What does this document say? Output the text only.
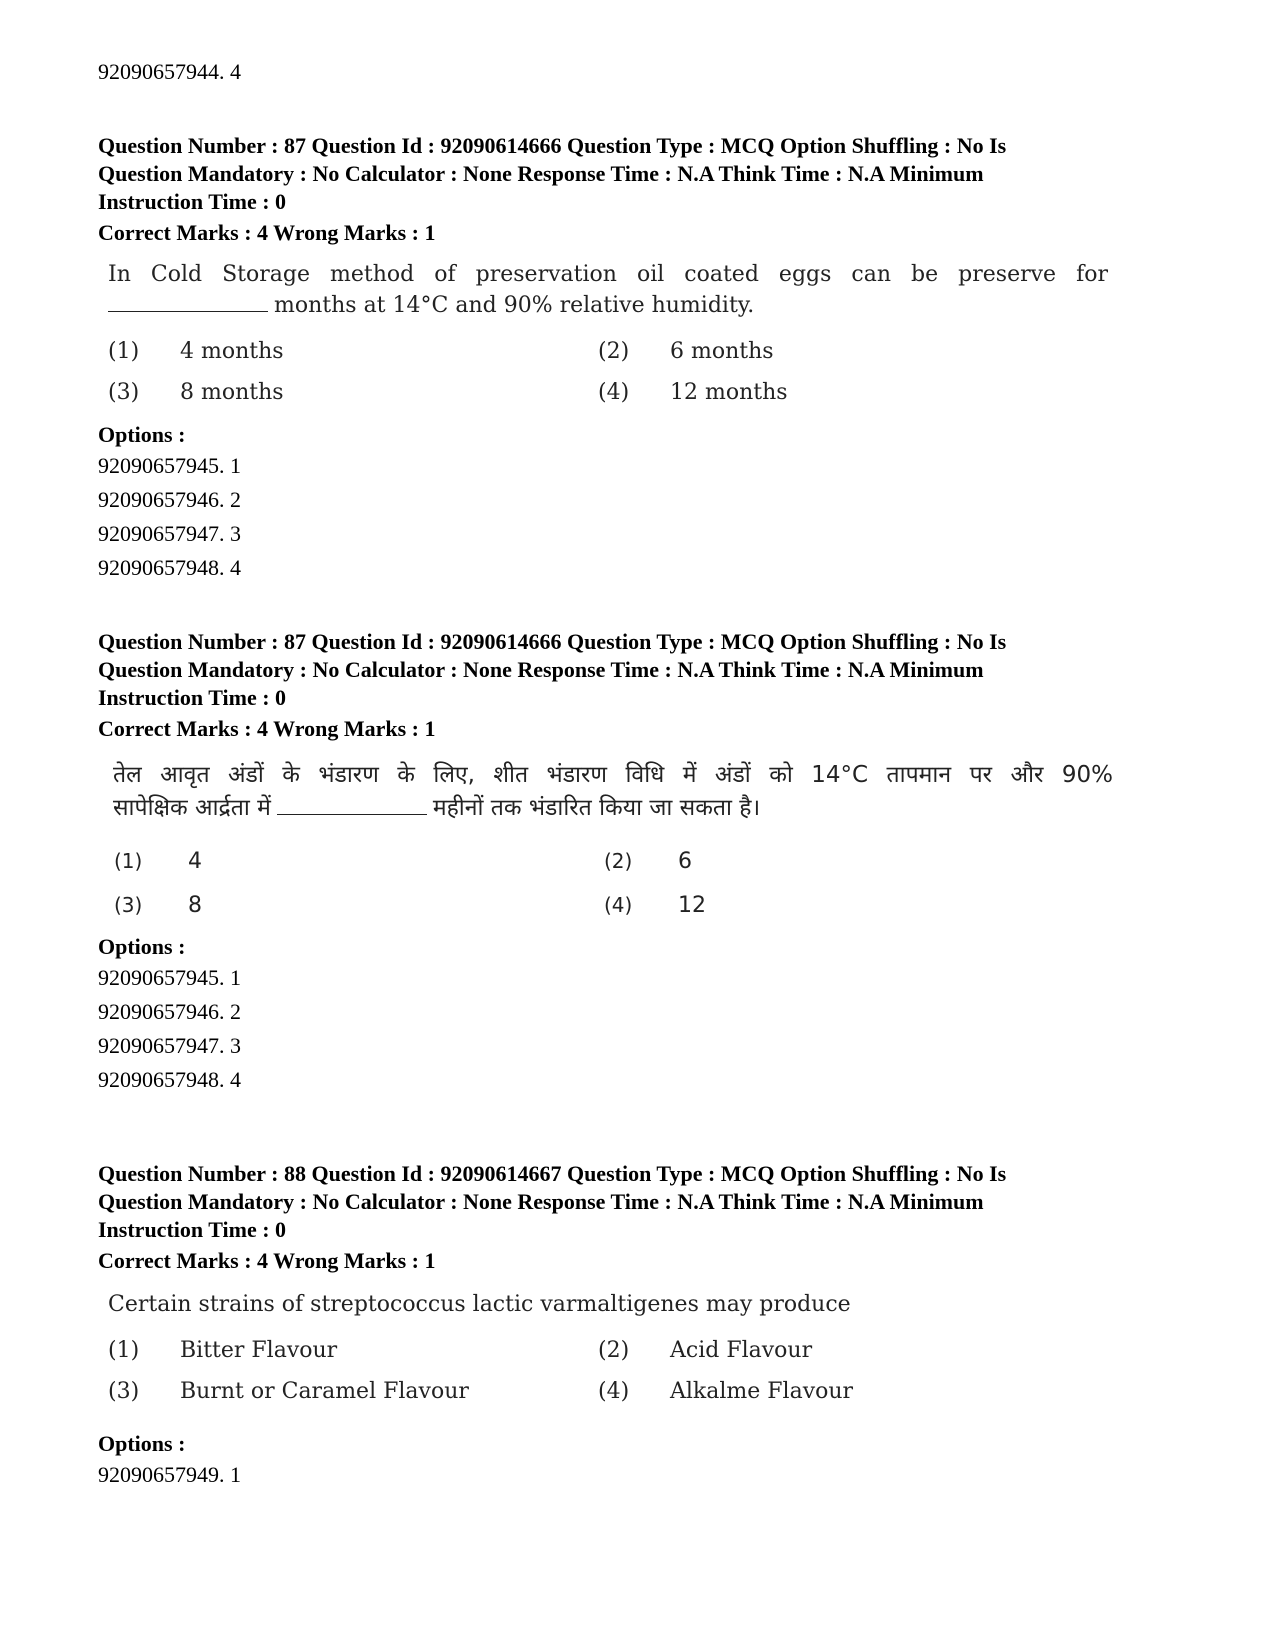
92090657944. 4
Question Number : 87 Question Id : 92090614666 Question Type : MCQ Option Shuffling : No Is
Question Mandatory : No Calculator : None Response Time : N.A Think Time : N.A Minimum
Instruction Time : 0
Correct Marks : 4 Wrong Marks : 1
In Cold Storage method of preservation oil coated eggs can be preserve for
months at 14°C and 90% relative humidity.
(1)	4 months	(2)	6 months
(3)	8 months	(4)	12 months
Options :
92090657945. 1
92090657946. 2
92090657947. 3
92090657948. 4
Question Number : 87 Question Id : 92090614666 Question Type : MCQ Option Shuffling : No Is
Question Mandatory : No Calculator : None Response Time : N.A Think Time : N.A Minimum
Instruction Time : 0
Correct Marks : 4 Wrong Marks : 1
तेल आवृत अंडों के भंडारण के लिए, शीत भंडारण विधि में अंडों को 14°C तापमान पर और 90%
सापेक्षिक आर्द्रता में	महीनों तक भंडारित किया जा सकता है।
(1)	4	(2)	6
(3)	8	(4)	12
Options :
92090657945. 1
92090657946. 2
92090657947. 3
92090657948. 4
Question Number : 88 Question Id : 92090614667 Question Type : MCQ Option Shuffling : No Is
Question Mandatory : No Calculator : None Response Time : N.A Think Time : N.A Minimum
Instruction Time : 0
Correct Marks : 4 Wrong Marks : 1
Certain strains of streptococcus lactic varmaltigenes may produce
(1)	Bitter Flavour	(2)	Acid Flavour
(3)	Burnt or Caramel Flavour	(4)	Alkalme Flavour
Options :
92090657949. 1
